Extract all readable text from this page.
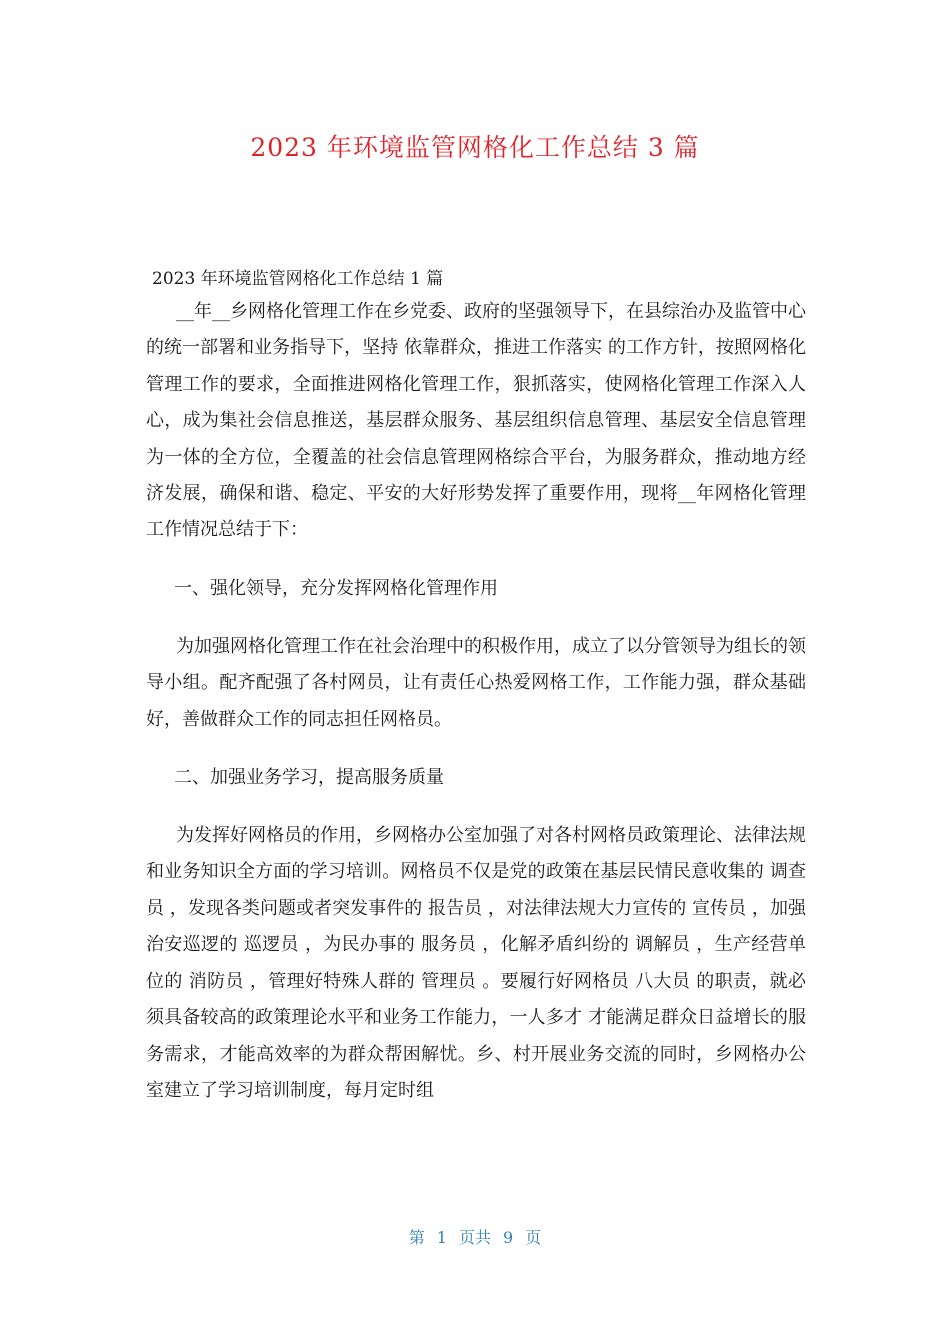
2023 年环境监管网格化工作总结 3 篇

2023 年环境监管网格化工作总结 1 篇

__年__乡网格化管理工作在乡党委、政府的坚强领导下，在县综治办及监管中心的统一部署和业务指导下，坚持 依靠群众，推进工作落实 的工作方针，按照网格化管理工作的要求，全面推进网格化管理工作，狠抓落实，使网格化管理工作深入人心，成为集社会信息推送，基层群众服务、基层组织信息管理、基层安全信息管理为一体的全方位，全覆盖的社会信息管理网格综合平台，为服务群众，推动地方经济发展，确保和谐、稳定、平安的大好形势发挥了重要作用，现将__年网格化管理工作情况总结于下：

一、强化领导，充分发挥网格化管理作用

为加强网格化管理工作在社会治理中的积极作用，成立了以分管领导为组长的领导小组。配齐配强了各村网员，让有责任心热爱网格工作，工作能力强，群众基础好，善做群众工作的同志担任网格员。

二、加强业务学习，提高服务质量

为发挥好网格员的作用，乡网格办公室加强了对各村网格员政策理论、法律法规和业务知识全方面的学习培训。网格员不仅是党的政策在基层民情民意收集的 调查员 ，发现各类问题或者突发事件的 报告员 ，对法律法规大力宣传的 宣传员 ，加强治安巡逻的 巡逻员 ，为民办事的 服务员 ，化解矛盾纠纷的 调解员 ，生产经营单位的 消防员 ，管理好特殊人群的 管理员 。要履行好网格员 八大员 的职责，就必须具备较高的政策理论水平和业务工作能力，一人多才 才能满足群众日益增长的服务需求，才能高效率的为群众帮困解忧。乡、村开展业务交流的同时，乡网格办公室建立了学习培训制度，每月定时组

第 1 页共 9 页
